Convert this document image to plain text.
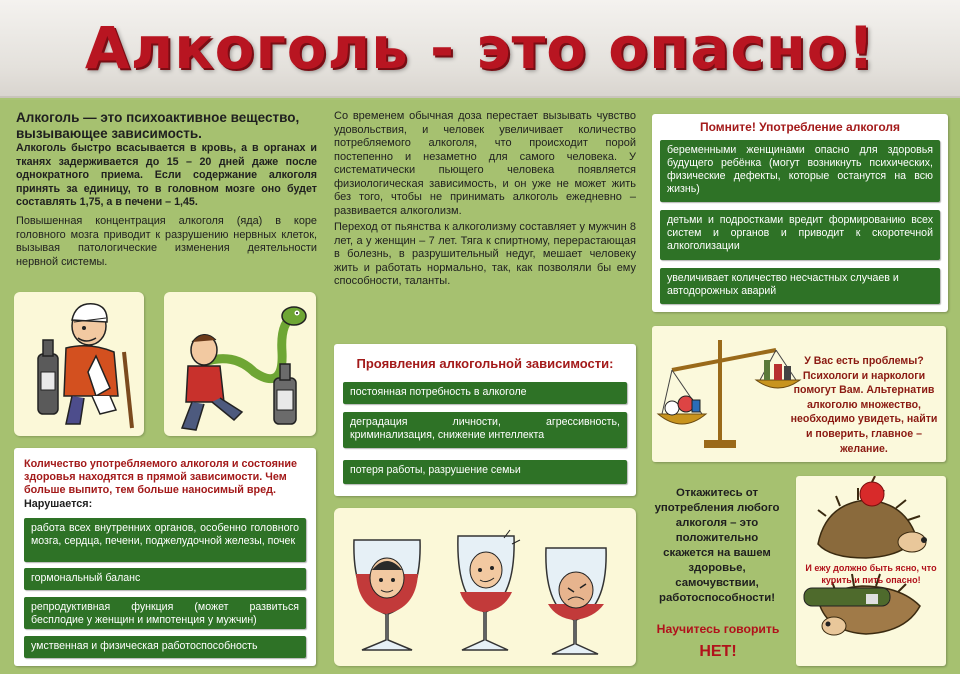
Алкоголь - это опасно!
Алкоголь — это психоактивное вещество, вызывающее зависимость.
Алкоголь быстро всасывается в кровь, а в органах и тканях задерживается до 15 – 20 дней даже после однократного приема. Если содержание алкоголя принять за единицу, то в головном мозге оно будет составлять 1,75, а в печени – 1,45.
Повышенная концентрация алкоголя (яда) в коре головного мозга приводит к разрушению нервных клеток, вызывая патологические изменения деятельности нервной системы.
Количество употребляемого алкоголя и состояние здоровья находятся в прямой зависимости. Чем больше выпито, тем больше наносимый вред.
Нарушается:
работа всех внутренних органов, особенно головного мозга, сердца, печени, поджелудочной железы, почек
гормональный баланс
репродуктивная функция (может развиться бесплодие у женщин и импотенция у мужчин)
умственная и физическая работоспособность
Со временем обычная доза перестает вызывать чувство удовольствия, и человек увеличивает количество потребляемого алкоголя, что происходит порой постепенно и незаметно для самого человека. У систематически пьющего человека появляется физиологическая зависимость, и он уже не может жить без того, чтобы не принимать алкоголь ежедневно – развивается алкоголизм.
Переход от пьянства к алкоголизму составляет у мужчин 8 лет, а у женщин – 7 лет. Тяга к спиртному, перерастающая в болезнь, в разрушительный недуг, мешает человеку жить и работать нормально, так, как позволяли бы ему способности, таланты.
Проявления алкогольной зависимости:
постоянная потребность в алкоголе
деградация личности, агрессивность, криминализация, снижение интеллекта
потеря работы, разрушение семьи
Помните! Употребление алкоголя
беременными женщинами опасно для здоровья будущего ребёнка (могут возникнуть психических, физические дефекты, которые останутся на всю жизнь)
детьми и подростками вредит формированию всех систем и органов и приводит к скоротечной алкоголизации
увеличивает количество несчастных случаев и автодорожных аварий
У Вас есть проблемы? Психологи и наркологи помогут Вам. Альтернатив алкоголю множество, необходимо увидеть, найти и поверить, главное – желание.
Откажитесь от употребления любого алкоголя – это положительно скажется на вашем здоровье, самочувствии, работоспособности!
Научитесь говорить
НЕТ!
И ежу должно быть ясно, что курить и пить опасно!
